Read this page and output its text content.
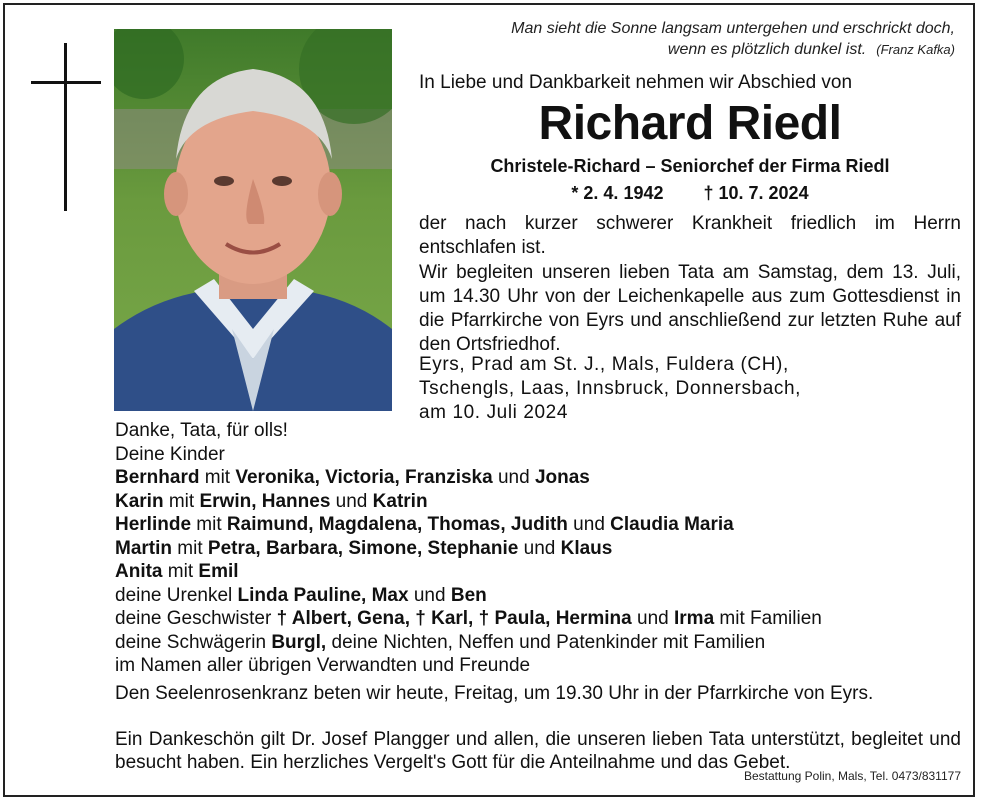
Man sieht die Sonne langsam untergehen und erschrickt doch,
wenn es plötzlich dunkel ist. (Franz Kafka)
In Liebe und Dankbarkeit nehmen wir Abschied von
Richard Riedl
Christele-Richard – Seniorchef der Firma Riedl
* 2. 4. 1942 † 10. 7. 2024
der nach kurzer schwerer Krankheit friedlich im Herrn entschlafen ist.
Wir begleiten unseren lieben Tata am Samstag, dem 13. Juli, um 14.30 Uhr von der Leichenkapelle aus zum Gottesdienst in die Pfarrkirche von Eyrs und anschließend zur letzten Ruhe auf den Ortsfriedhof.
Eyrs, Prad am St. J., Mals, Fuldera (CH),
Tschengls, Laas, Innsbruck, Donnersbach,
am 10. Juli 2024
Danke, Tata, für olls!
Deine Kinder
Bernhard mit Veronika, Victoria, Franziska und Jonas
Karin mit Erwin, Hannes und Katrin
Herlinde mit Raimund, Magdalena, Thomas, Judith und Claudia Maria
Martin mit Petra, Barbara, Simone, Stephanie und Klaus
Anita mit Emil
deine Urenkel Linda Pauline, Max und Ben
deine Geschwister † Albert, Gena, † Karl, † Paula, Hermina und Irma mit Familien
deine Schwägerin Burgl, deine Nichten, Neffen und Patenkinder mit Familien
im Namen aller übrigen Verwandten und Freunde
Den Seelenrosenkranz beten wir heute, Freitag, um 19.30 Uhr in der Pfarrkirche von Eyrs.
Ein Dankeschön gilt Dr. Josef Plangger und allen, die unseren lieben Tata unterstützt, begleitet und besucht haben. Ein herzliches Vergelt's Gott für die Anteilnahme und das Gebet.
Bestattung Polin, Mals, Tel. 0473/831177
